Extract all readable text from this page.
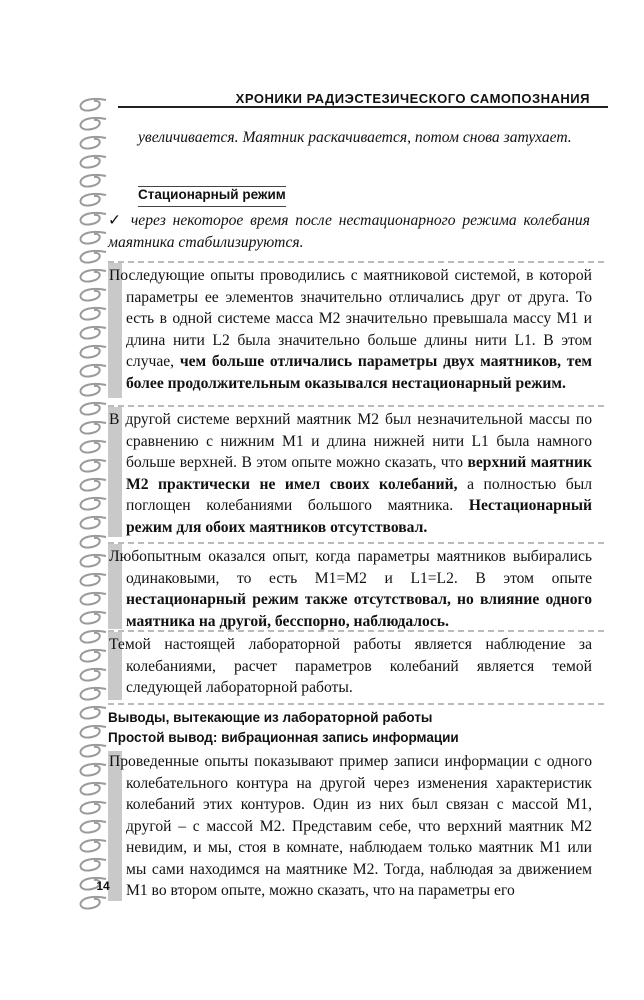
ХРОНИКИ РАДИЭСТЕЗИЧЕСКОГО САМОПОЗНАНИЯ
увеличивается. Маятник раскачивается, потом снова затухает.
Стационарный режим
✓ через некоторое время после нестационарного режима колебания маятника стабилизируются.
Последующие опыты проводились с маятниковой системой, в которой параметры ее элементов значительно отличались друг от друга. То есть в одной системе масса М2 значительно превышала массу М1 и длина нити L2 была значительно больше длины нити L1. В этом случае, чем больше отличались параметры двух маятников, тем более продолжительным оказывался нестационарный режим.
В другой системе верхний маятник М2 был незначительной массы по сравнению с нижним М1 и длина нижней нити L1 была намного больше верхней. В этом опыте можно сказать, что верхний маятник М2 практически не имел своих колебаний, а полностью был поглощен колебаниями большого маятника. Нестационарный режим для обоих маятников отсутствовал.
Любопытным оказался опыт, когда параметры маятников выбирались одинаковыми, то есть М1=М2 и L1=L2. В этом опыте нестационарный режим также отсутствовал, но влияние одного маятника на другой, бесспорно, наблюдалось.
Темой настоящей лабораторной работы является наблюдение за колебаниями, расчет параметров колебаний является темой следующей лабораторной работы.
Выводы, вытекающие из лабораторной работы
Простой вывод: вибрационная запись информации
Проведенные опыты показывают пример записи информации с одного колебательного контура на другой через изменения характеристик колебаний этих контуров. Один из них был связан с массой М1, другой – с массой М2. Представим себе, что верхний маятник М2 невидим, и мы, стоя в комнате, наблюдаем только маятник М1 или мы сами находимся на маятнике М2. Тогда, наблюдая за движением М1 во втором опыте, можно сказать, что на параметры его
14
